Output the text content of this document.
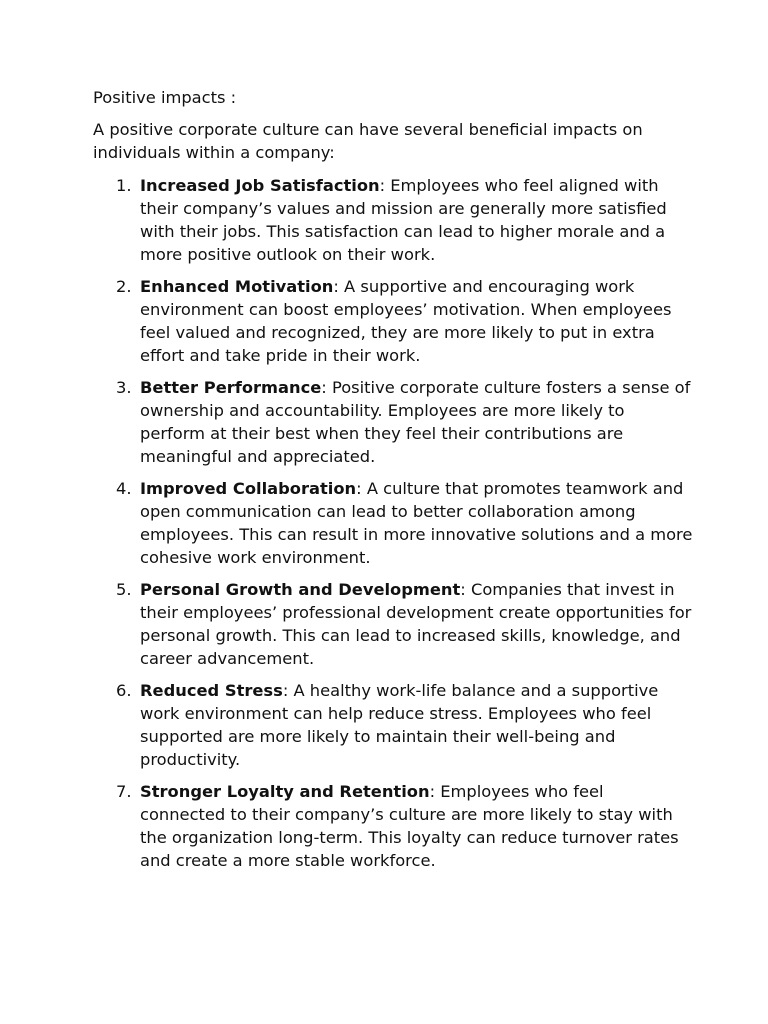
Positive impacts :

A positive corporate culture can have several beneficial impacts on individuals within a company:

1. Increased Job Satisfaction: Employees who feel aligned with their company’s values and mission are generally more satisfied with their jobs. This satisfaction can lead to higher morale and a more positive outlook on their work.
2. Enhanced Motivation: A supportive and encouraging work environment can boost employees’ motivation. When employees feel valued and recognized, they are more likely to put in extra effort and take pride in their work.
3. Better Performance: Positive corporate culture fosters a sense of ownership and accountability. Employees are more likely to perform at their best when they feel their contributions are meaningful and appreciated.
4. Improved Collaboration: A culture that promotes teamwork and open communication can lead to better collaboration among employees. This can result in more innovative solutions and a more cohesive work environment.
5. Personal Growth and Development: Companies that invest in their employees’ professional development create opportunities for personal growth. This can lead to increased skills, knowledge, and career advancement.
6. Reduced Stress: A healthy work-life balance and a supportive work environment can help reduce stress. Employees who feel supported are more likely to maintain their well-being and productivity.
7. Stronger Loyalty and Retention: Employees who feel connected to their company’s culture are more likely to stay with the organization long-term. This loyalty can reduce turnover rates and create a more stable workforce.
